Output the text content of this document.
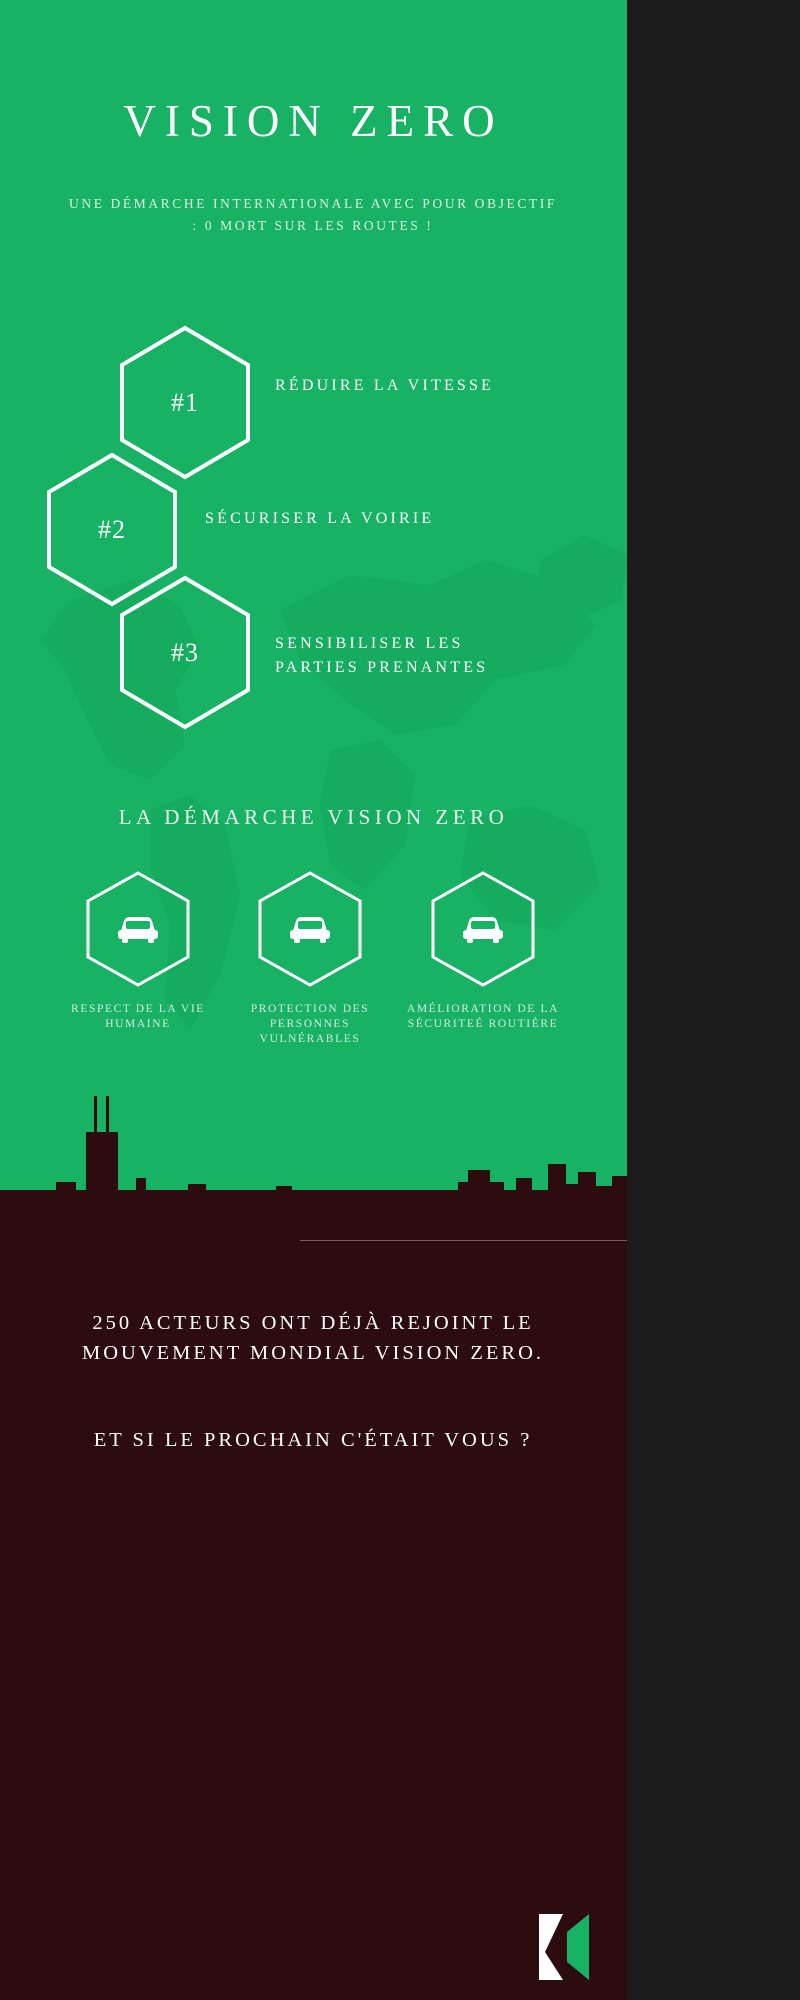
VISION ZERO
UNE DÉMARCHE INTERNATIONALE AVEC POUR OBJECTIF : 0 MORT SUR LES ROUTES !
#1
RÉDUIRE LA VITESSE
#2	SÉCURISER LA VOIRIE
#3	SENSIBILISER LES PARTIES PRENANTES
LA DÉMARCHE VISION ZERO
RESPECT DE LA VIE HUMAINE
PROTECTION DES PERSONNES VULNÉRABLES
AMÉLIORATION DE LA SÉCURITEÉ ROUTIÈRE
250 ACTEURS ONT DÉJÀ REJOINT LE MOUVEMENT MONDIAL VISION ZERO.
ET SI LE PROCHAIN C'ÉTAIT VOUS ?
